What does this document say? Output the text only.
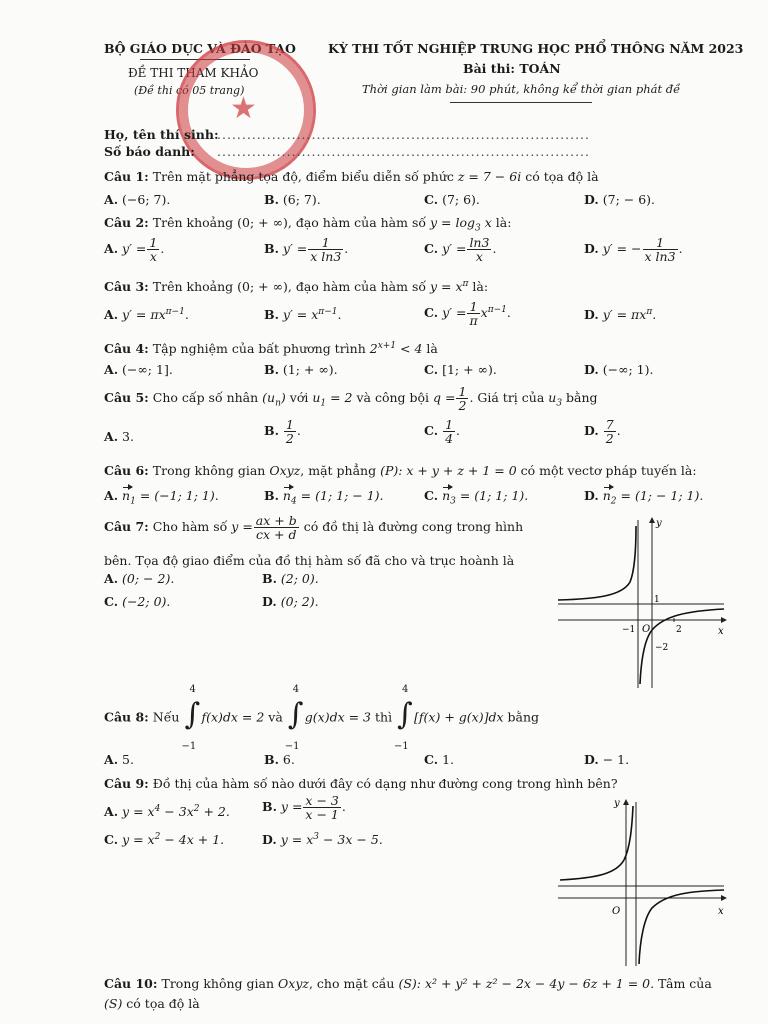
BỘ GIÁO DỤC VÀ ĐÀO TẠO
ĐỀ THI THAM KHẢO
(Đề thi có 05 trang)
KỲ THI TỐT NGHIỆP TRUNG HỌC PHỔ THÔNG NĂM 2023
Bài thi: TOÁN
Thời gian làm bài: 90 phút, không kể thời gian phát đề
★
Họ, tên thí sinh:
...........................................................................
Số báo danh: ...........................................................................
Câu 1: Trên mặt phẳng tọa độ, điểm biểu diễn số phức z = 7 − 6i có tọa độ là
A. (−6; 7).	B. (6; 7).	C. (7; 6).	D. (7; − 6).
Câu 2: Trên khoảng (0; + ∞), đạo hàm của hàm số $y = \log_3 x$ là:
A. $y' = \frac{1}{x}$ .	B. $y' = \frac{1}{\text{x ln3}}$ .	C. $y' = \frac{\ln 3}{x}$ .	D. y′ = − $\frac{1}{\text{x ln3}}$ .
Câu 3: Trên khoảng (0; + ∞), đạo hàm của hàm số $y = x^\pi$ là:
A. $y' = \pi x^{\pi-1}$.	B. $y' = x^{\pi-1}$.	C. $y' = \frac{1}{\pi} x^{\pi-1}$.	D. $y' = \pi x^\pi$.
Câu 4: Tập nghiệm của bất phương trình $2^{x+1} < 4$ là
A. (−∞; 1].	B. (1; + ∞).	C. [1; + ∞).	D. (−∞; 1).
Câu 5: Cho cấp số nhân $(u_n)$ với $u_1 = 2$ và công bội $q = \frac{1}{2}$ . Giá trị của $u_3$ bằng
A. 3.	B. $\frac{1}{2}$ .	C. $\frac{1}{4}$ .	D. $\frac{7}{2}$ .
Câu 6: Trong không gian Oxyz, mặt phẳng (P): x + y + z + 1 = 0 có một vectơ pháp tuyến là:
A. $n_1 = (-1$; 1; 1).	B. $n_4 = (1$; 1; − 1).	C. $n_3 = (1$; 1; 1).	D. $n_2 = (1$; − 1; 1).
Câu 7: Cho hàm số $y = \frac{ax + b}{cx + d}$ có đồ thị là đường cong trong hình
bên. Tọa độ giao điểm của đồ thị hàm số đã cho và trục hoành là
A. (0; − 2).	B. (2; 0).
C. (−2; 0).	D. (0; 2).
y
x
O
1
−1	2
−2
Câu 8: Nếu ∫
4
−1
f(x)dx = 2 và ∫
4
−1
g(x)dx = 3 thì ∫
4
−1
[f(x) + g(x)]dx bằng
A. 5.	B. 6.	C. 1.	D. − 1.
Câu 9: Đồ thị của hàm số nào dưới đây có dạng như đường cong trong hình bên?
A. $y = x^4 - 3x^2 + 2$.	B. $y = \frac{x - 3}{x - 1}$ .
C. $y = x^2 - 4x + 1$.	D. $y = x^3 - 3x - 5$.
y
x
O
Câu 10: Trong không gian Oxyz, cho mặt cầu (S): x² + y² + z² − 2x − 4y − 6z + 1 = 0. Tâm của
(S) có tọa độ là
